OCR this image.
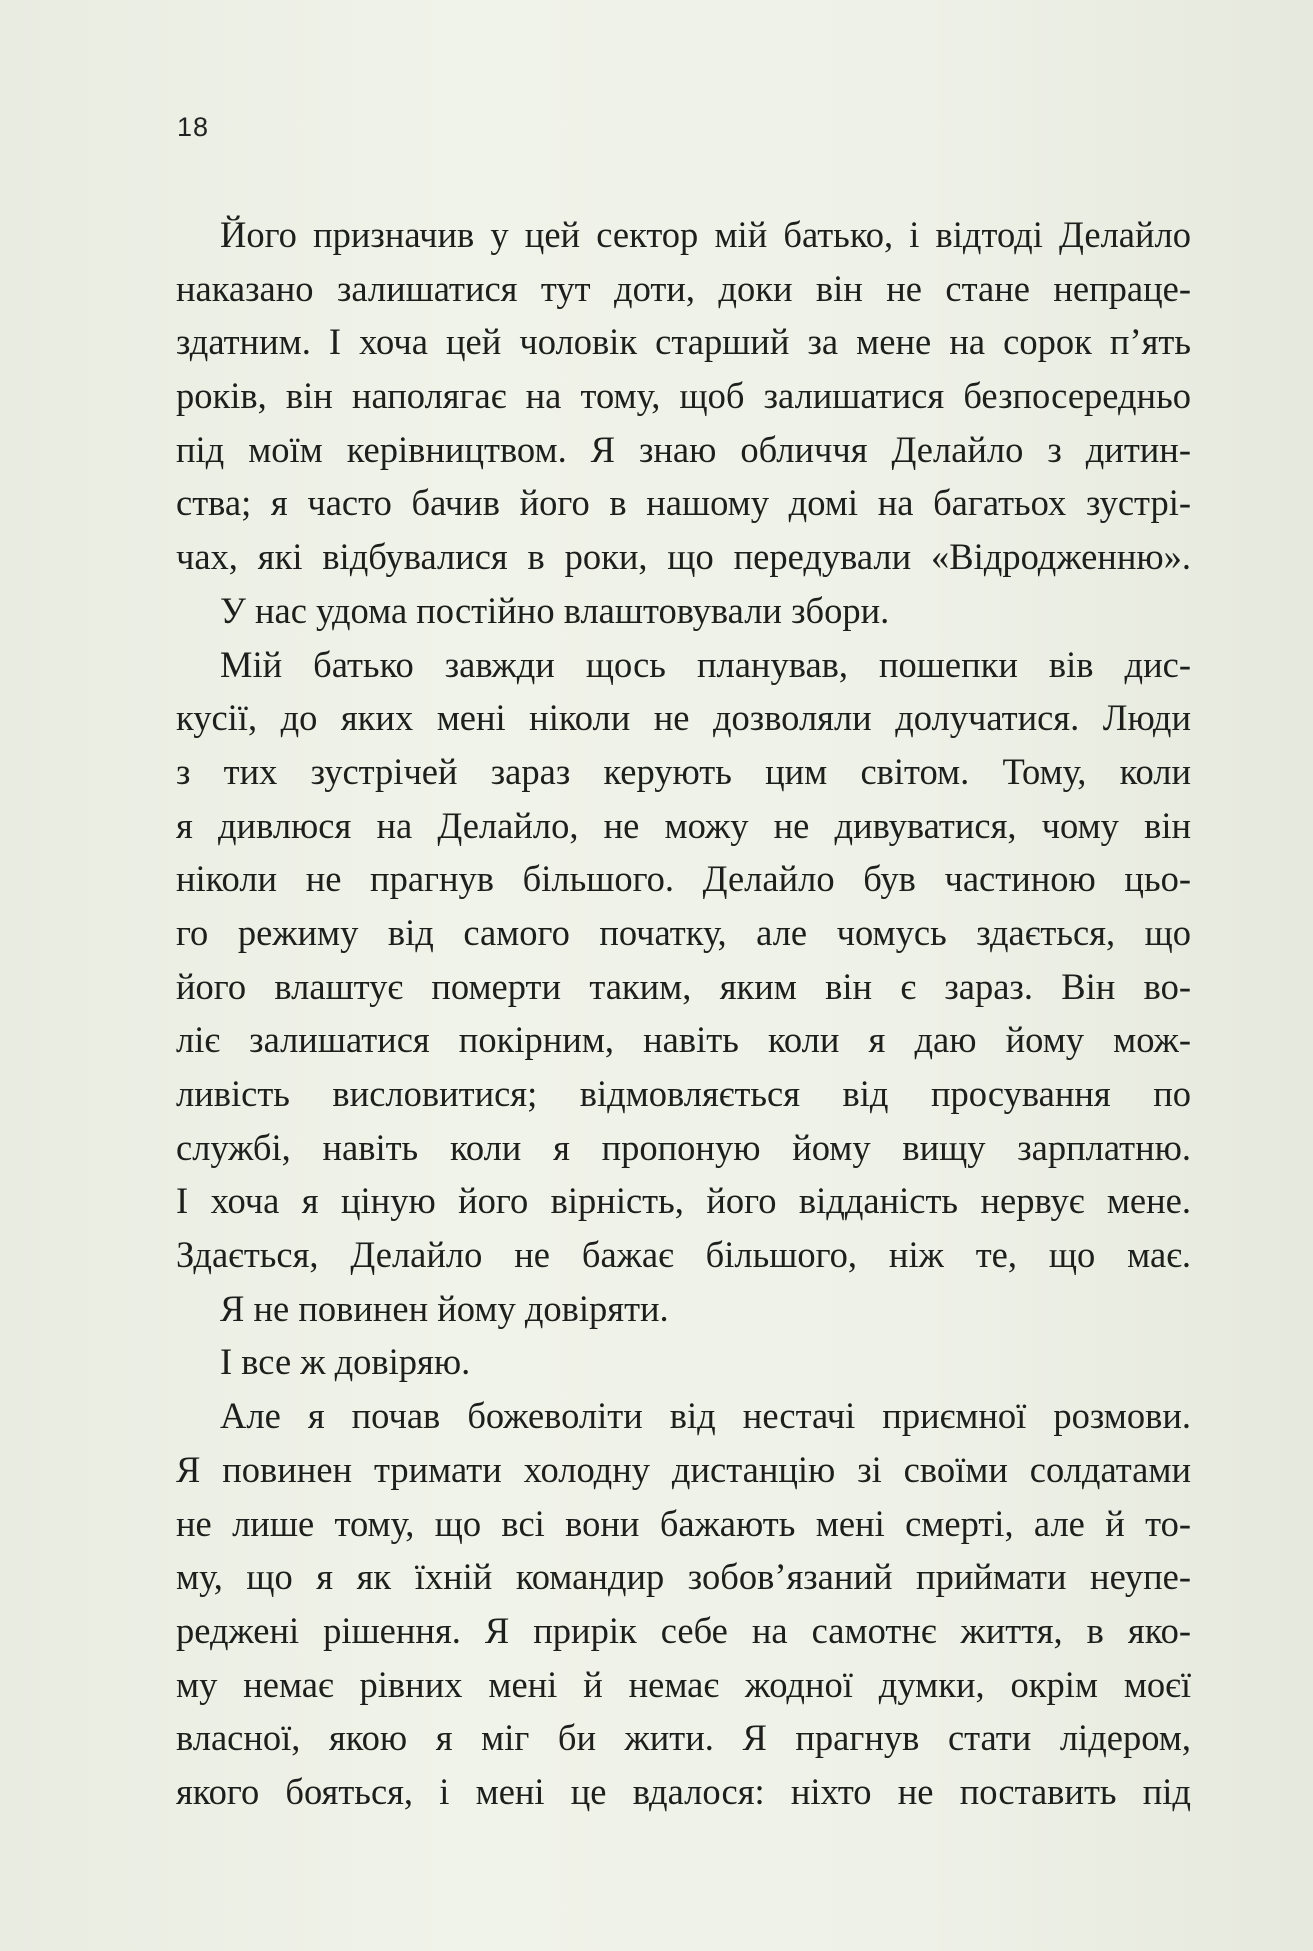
18
Його призначив у цей сектор мій батько, і відтоді Делайло
наказано залишатися тут доти, доки він не стане непраце-
здатним. І хоча цей чоловік старший за мене на сорок п’ять
років, він наполягає на тому, щоб залишатися безпосередньо
під моїм керівництвом. Я знаю обличчя Делайло з дитин-
ства; я часто бачив його в нашому домі на багатьох зустрі-
чах, які відбувалися в роки, що передували «Відродженню».
У нас удома постійно влаштовували збори.
Мій батько завжди щось планував, пошепки вів дис-
кусії, до яких мені ніколи не дозволяли долучатися. Люди
з тих зустрічей зараз керують цим світом. Тому, коли
я дивлюся на Делайло, не можу не дивуватися, чому він
ніколи не прагнув більшого. Делайло був частиною цьо-
го режиму від самого початку, але чомусь здається, що
його влаштує померти таким, яким він є зараз. Він во-
ліє залишатися покірним, навіть коли я даю йому мож-
ливість висловитися; відмовляється від просування по
службі, навіть коли я пропоную йому вищу зарплатню.
І хоча я ціную його вірність, його відданість нервує мене.
Здається, Делайло не бажає більшого, ніж те, що має.
Я не повинен йому довіряти.
І все ж довіряю.
Але я почав божеволіти від нестачі приємної розмови.
Я повинен тримати холодну дистанцію зі своїми солдатами
не лише тому, що всі вони бажають мені смерті, але й то-
му, що я як їхній командир зобов’язаний приймати неупе-
реджені рішення. Я прирік себе на самотнє життя, в яко-
му немає рівних мені й немає жодної думки, окрім моєї
власної, якою я міг би жити. Я прагнув стати лідером,
якого бояться, і мені це вдалося: ніхто не поставить під
